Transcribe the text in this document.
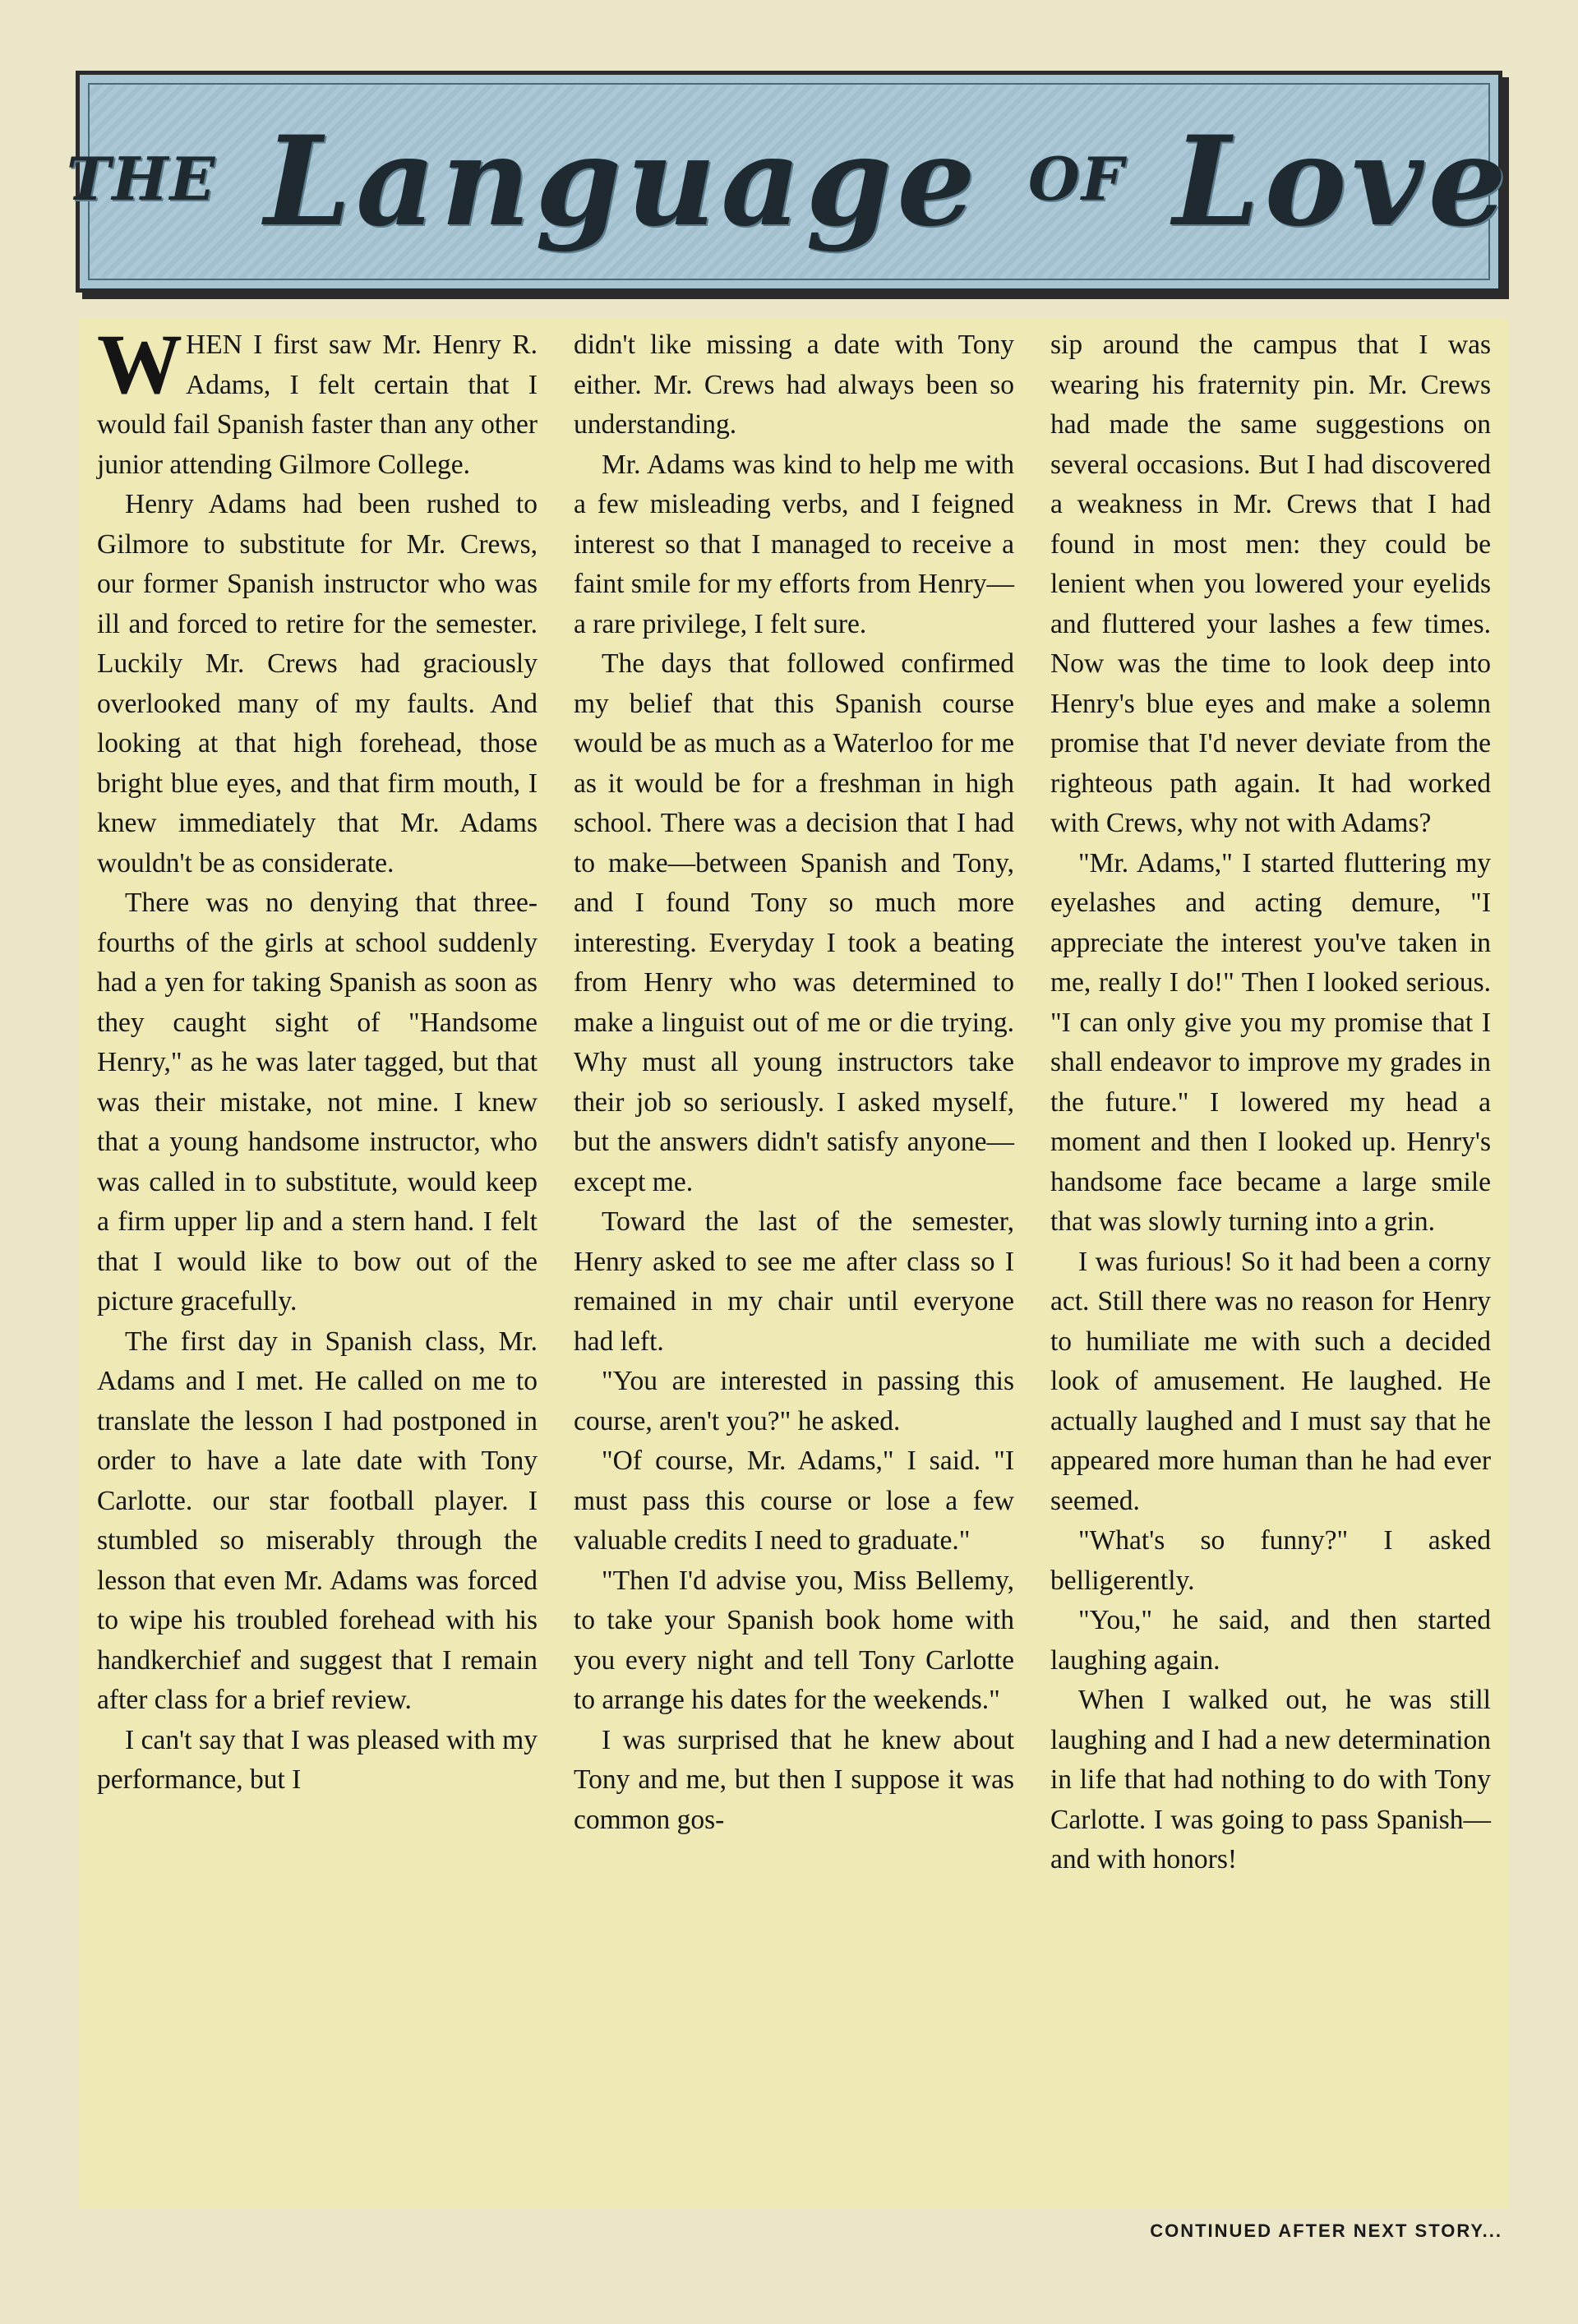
$^{THE}$ Language $^{OF}$ Love

WHEN I first saw Mr. Henry R. Adams, I felt certain that I would fail Spanish faster than any other junior attending Gilmore College.

Henry Adams had been rushed to Gilmore to substitute for Mr. Crews, our former Spanish instructor who was ill and forced to retire for the semester. Luckily Mr. Crews had graciously overlooked many of my faults. And looking at that high forehead, those bright blue eyes, and that firm mouth, I knew immediately that Mr. Adams wouldn't be as considerate.

There was no denying that three-fourths of the girls at school suddenly had a yen for taking Spanish as soon as they caught sight of "Handsome Henry," as he was later tagged, but that was their mistake, not mine. I knew that a young handsome instructor, who was called in to substitute, would keep a firm upper lip and a stern hand. I felt that I would like to bow out of the picture gracefully.

The first day in Spanish class, Mr. Adams and I met. He called on me to translate the lesson I had postponed in order to have a late date with Tony Carlotte. our star football player. I stumbled so miserably through the lesson that even Mr. Adams was forced to wipe his troubled forehead with his handkerchief and suggest that I remain after class for a brief review.

I can't say that I was pleased with my performance, but I

didn't like missing a date with Tony either. Mr. Crews had always been so understanding.

Mr. Adams was kind to help me with a few misleading verbs, and I feigned interest so that I managed to receive a faint smile for my efforts from Henry—a rare privilege, I felt sure.

The days that followed confirmed my belief that this Spanish course would be as much as a Waterloo for me as it would be for a freshman in high school. There was a decision that I had to make—between Spanish and Tony, and I found Tony so much more interesting. Everyday I took a beating from Henry who was determined to make a linguist out of me or die trying. Why must all young instructors take their job so seriously. I asked myself, but the answers didn't satisfy anyone— except me.

Toward the last of the semester, Henry asked to see me after class so I remained in my chair until everyone had left.

"You are interested in passing this course, aren't you?" he asked.

"Of course, Mr. Adams," I said. "I must pass this course or lose a few valuable credits I need to graduate."

"Then I'd advise you, Miss Bellemy, to take your Spanish book home with you every night and tell Tony Carlotte to arrange his dates for the weekends."

I was surprised that he knew about Tony and me, but then I suppose it was common gos-

sip around the campus that I was wearing his fraternity pin. Mr. Crews had made the same suggestions on several occasions. But I had discovered a weakness in Mr. Crews that I had found in most men: they could be lenient when you lowered your eyelids and fluttered your lashes a few times. Now was the time to look deep into Henry's blue eyes and make a solemn promise that I'd never deviate from the righteous path again. It had worked with Crews, why not with Adams?

"Mr. Adams," I started fluttering my eyelashes and acting demure, "I appreciate the interest you've taken in me, really I do!" Then I looked serious. "I can only give you my promise that I shall endeavor to improve my grades in the future." I lowered my head a moment and then I looked up. Henry's handsome face became a large smile that was slowly turning into a grin.

I was furious! So it had been a corny act. Still there was no reason for Henry to humiliate me with such a decided look of amusement. He laughed. He actually laughed and I must say that he appeared more human than he had ever seemed.

"What's so funny?" I asked belligerently.

"You," he said, and then started laughing again.

When I walked out, he was still laughing and I had a new determination in life that had nothing to do with Tony Carlotte. I was going to pass Spanish—and with honors!

CONTINUED AFTER NEXT STORY...
